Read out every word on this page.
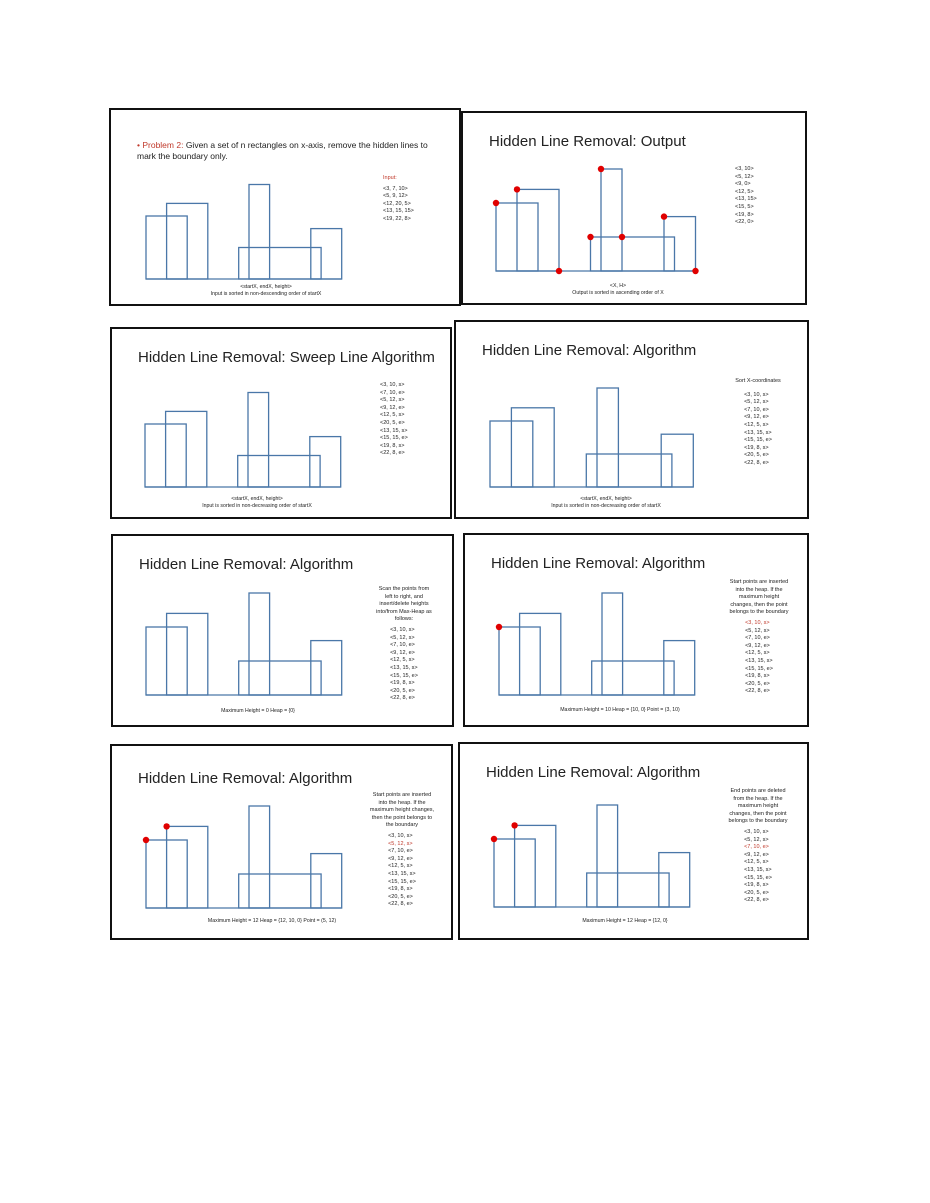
• Problem 2: Given a set of n rectangles on x-axis, remove the hidden lines to mark the boundary only.
Input:
<3, 7, 10>
<5, 9, 12>
<12, 20, 5>
<13, 15, 15>
<19, 22, 8>
<startX, endX, height>
Input is sorted in non-descending order of startX
Hidden Line Removal: Output
<3, 10>
<5, 12>
<9, 0>
<12, 5>
<13, 15>
<15, 5>
<19, 8>
<22, 0>
<X, H>
Output is sorted in ascending order of X
Hidden Line Removal: Sweep Line Algorithm
<3, 10, s>
<7, 10, e>
<5, 12, s>
<9, 12, e>
<12, 5, s>
<20, 5, e>
<13, 15, s>
<15, 15, e>
<19, 8, s>
<22, 8, e>
<startX, endX, height>
Input is sorted in non-decreasing order of startX
Hidden Line Removal: Algorithm
Sort X-coordinates
<3, 10, s>
<5, 12, s>
<7, 10, e>
<9, 12, e>
<12, 5, s>
<13, 15, s>
<15, 15, e>
<19, 8, s>
<20, 5, e>
<22, 8, e>
<startX, endX, height>
Input is sorted in non-decreasing order of startX
Hidden Line Removal: Algorithm
Scan the points from left to right, and insert/delete heights into/from Max-Heap as follows:
<3, 10, s>
<5, 12, s>
<7, 10, e>
<9, 12, e>
<12, 5, s>
<13, 15, s>
<15, 15, e>
<19, 8, s>
<20, 5, e>
<22, 8, e>
Maximum Height = 0 Heap = {0}
Hidden Line Removal: Algorithm
Start points are inserted into the heap. If the maximum height changes, then the point belongs to the boundary
<3, 10, s>
<5, 12, s>
<7, 10, e>
<9, 12, e>
<12, 5, s>
<13, 15, s>
<15, 15, e>
<19, 8, s>
<20, 5, e>
<22, 8, e>
Maximum Height = 10 Heap = {10, 0} Point = (3, 10)
Hidden Line Removal: Algorithm
Start points are inserted into the heap. If the maximum height changes, then the point belongs to the boundary
<3, 10, s>
<5, 12, s>
<7, 10, e>
<9, 12, e>
<12, 5, s>
<13, 15, s>
<15, 15, e>
<19, 8, s>
<20, 5, e>
<22, 8, e>
Maximum Height = 12 Heap = {12, 10, 0} Point = (5, 12)
Hidden Line Removal: Algorithm
End points are deleted from the heap. If the maximum height changes, then the point belongs to the boundary
<3, 10, s>
<5, 12, s>
<7, 10, e>
<9, 12, e>
<12, 5, s>
<13, 15, s>
<15, 15, e>
<19, 8, s>
<20, 5, e>
<22, 8, e>
Maximum Height = 12 Heap = {12, 0}
